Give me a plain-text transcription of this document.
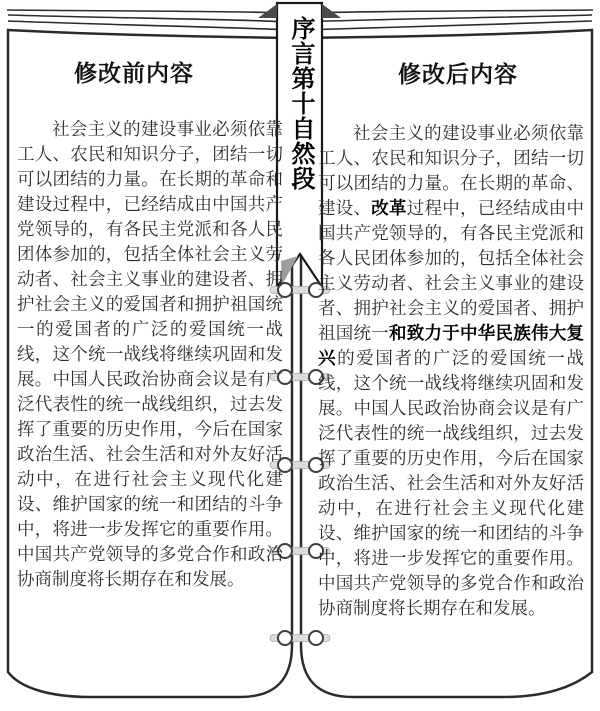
修改前内容	修改后内容
社会主义的建设事业必须依靠工人、农民和知识分子，团结一切可以团结的力量。在长期的革命和建设过程中，已经结成由中国共产党领导的，有各民主党派和各人民团体参加的，包括全体社会主义劳动者、社会主义事业的建设者、拥护社会主义的爱国者和拥护祖国统一的爱国者的广泛的爱国统一战线，这个统一战线将继续巩固和发展。中国人民政治协商会议是有广泛代表性的统一战线组织，过去发挥了重要的历史作用，今后在国家政治生活、社会生活和对外友好活动中，在进行社会主义现代化建设、维护国家的统一和团结的斗争中，将进一步发挥它的重要作用。中国共产党领导的多党合作和政治协商制度将长期存在和发展。
社会主义的建设事业必须依靠工人、农民和知识分子，团结一切可以团结的力量。在长期的革命、建设、改革过程中，已经结成由中国共产党领导的，有各民主党派和各人民团体参加的，包括全体社会主义劳动者、社会主义事业的建设者、拥护社会主义的爱国者、拥护祖国统一和致力于中华民族伟大复兴的爱国者的广泛的爱国统一战线，这个统一战线将继续巩固和发展。中国人民政治协商会议是有广泛代表性的统一战线组织，过去发挥了重要的历史作用，今后在国家政治生活、社会生活和对外友好活动中，在进行社会主义现代化建设、维护国家的统一和团结的斗争中，将进一步发挥它的重要作用。中国共产党领导的多党合作和政治协商制度将长期存在和发展。
序言第十自然段
